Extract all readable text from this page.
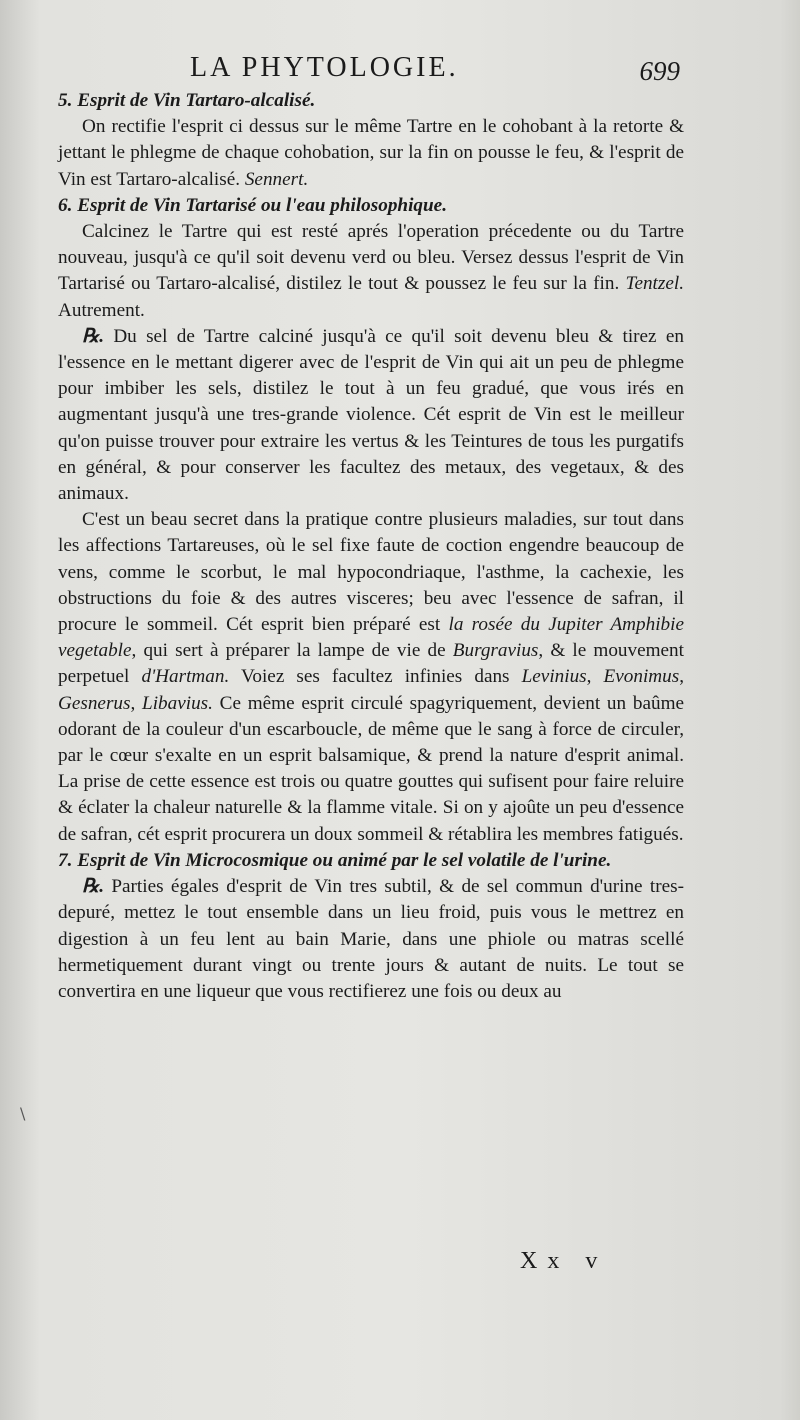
LA PHYTOLOGIE.	699

5. Esprit de Vin Tartaro-alcalisé.

On rectifie l'esprit ci dessus sur le même Tartre en le cohobant à la retorte & jettant le phlegme de chaque cohobation, sur la fin on pousse le feu, & l'esprit de Vin est Tartaro-alcalisé. Sennert.

6. Esprit de Vin Tartarisé ou l'eau philosophique.

Calcinez le Tartre qui est resté aprés l'operation précedente ou du Tartre nouveau, jusqu'à ce qu'il soit devenu verd ou bleu. Versez dessus l'esprit de Vin Tartarisé ou Tartaro-alcalisé, distilez le tout & poussez le feu sur la fin. Tentzel. Autrement.

℞. Du sel de Tartre calciné jusqu'à ce qu'il soit devenu bleu & tirez en l'essence en le mettant digerer avec de l'esprit de Vin qui ait un peu de phlegme pour imbiber les sels, distilez le tout à un feu gradué, que vous irés en augmentant jusqu'à une tres-grande violence. Cét esprit de Vin est le meilleur qu'on puisse trouver pour extraire les vertus & les Teintures de tous les purgatifs en général, & pour conserver les facultez des metaux, des vegetaux, & des animaux.

C'est un beau secret dans la pratique contre plusieurs maladies, sur tout dans les affections Tartareuses, où le sel fixe faute de coction engendre beaucoup de vens, comme le scorbut, le mal hypocondriaque, l'asthme, la cachexie, les obstructions du foie & des autres visceres; beu avec l'essence de safran, il procure le sommeil. Cét esprit bien préparé est la rosée du Jupiter Amphibie vegetable, qui sert à préparer la lampe de vie de Burgravius, & le mouvement perpetuel d'Hartman. Voiez ses facultez infinies dans Levinius, Evonimus, Gesnerus, Libavius. Ce même esprit circulé spagyriquement, devient un baûme odorant de la couleur d'un escarboucle, de même que le sang à force de circuler, par le cœur s'exalte en un esprit balsamique, & prend la nature d'esprit animal. La prise de cette essence est trois ou quatre gouttes qui sufisent pour faire reluire & éclater la chaleur naturelle & la flamme vitale. Si on y ajoûte un peu d'essence de safran, cét esprit procurera un doux sommeil & rétablira les membres fatigués.

7. Esprit de Vin Microcosmique ou animé par le sel volatile de l'urine.

℞. Parties égales d'esprit de Vin tres subtil, & de sel commun d'urine tres-depuré, mettez le tout ensemble dans un lieu froid, puis vous le mettrez en digestion à un feu lent au bain Marie, dans une phiole ou matras scellé hermetiquement durant vingt ou trente jours & autant de nuits. Le tout se convertira en une liqueur que vous rectifierez une fois ou deux au

\
Xx v
